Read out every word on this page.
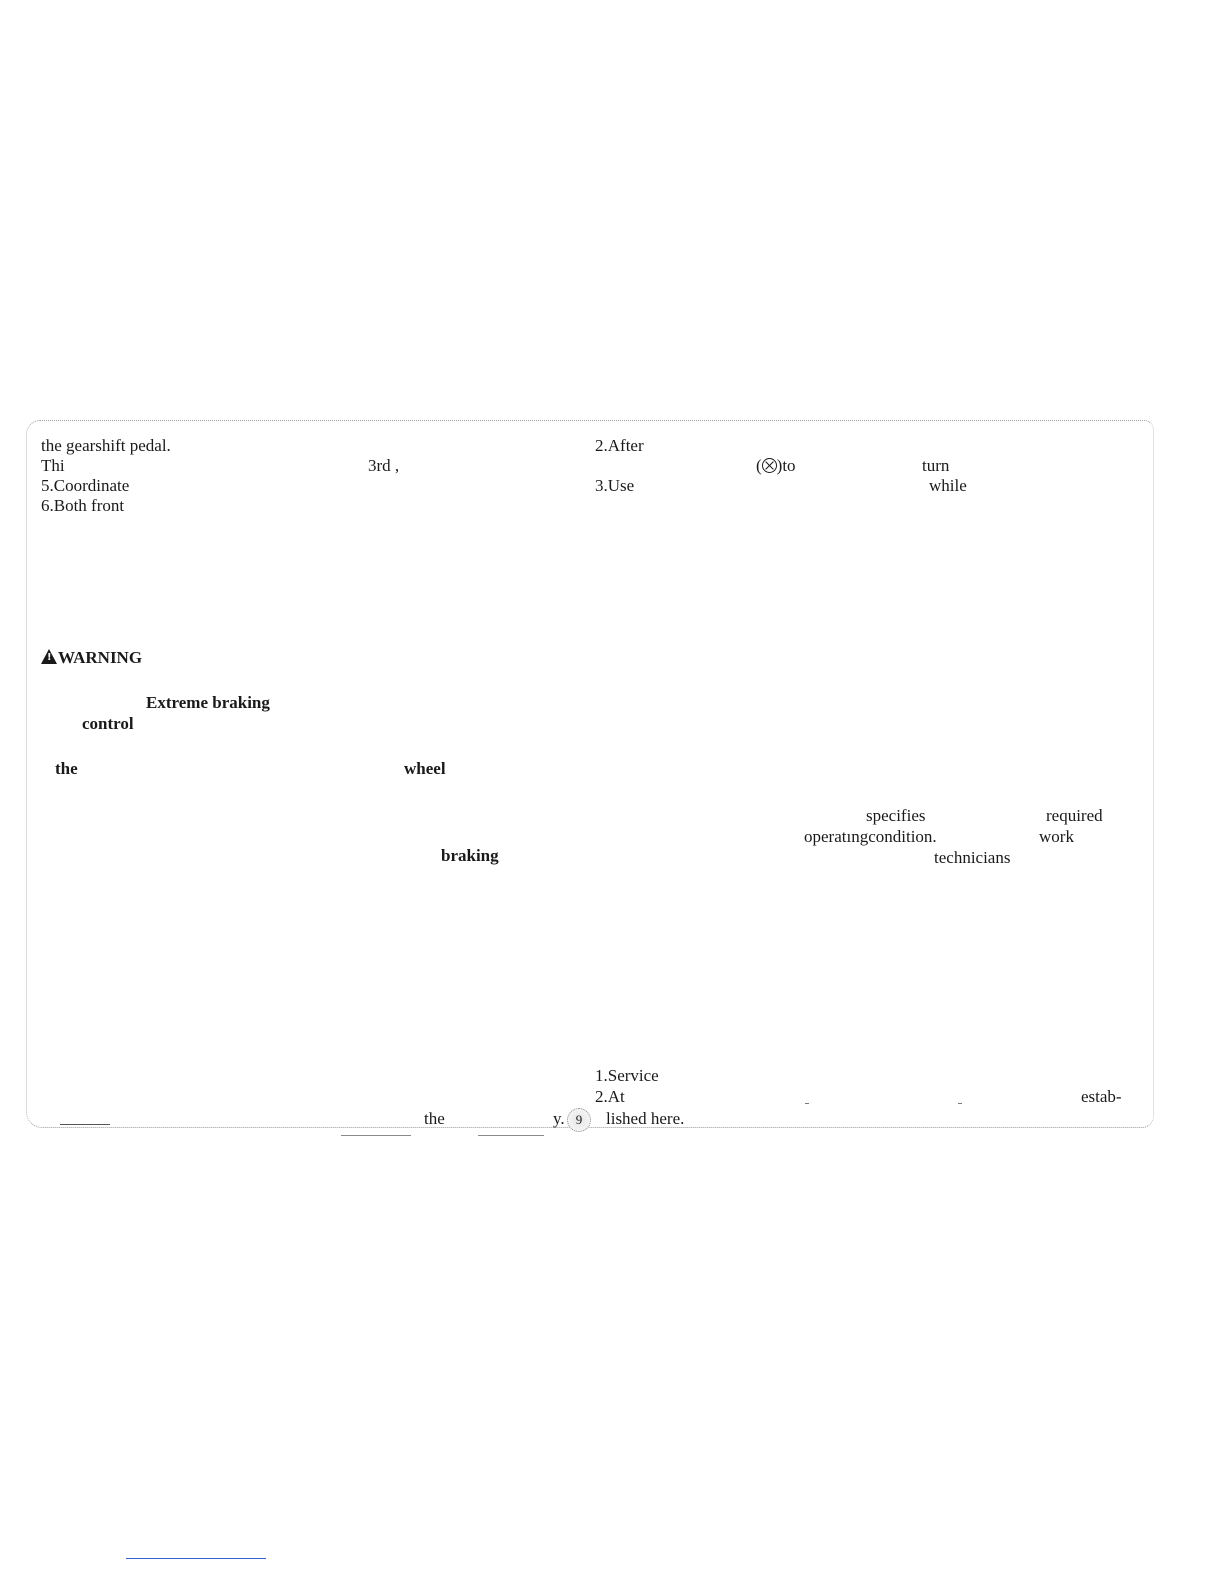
the gearshift pedal.
Thi	3rd ,
5.Coordinate
6.Both front
!WARNING
Extreme braking
control
the	wheel
braking
the	y.
2.After
( )to	turn
3.Use	while
specifies	required
operatıngcondition.	work
technicians
1.Service
2.At	estab-
lished here.
9
